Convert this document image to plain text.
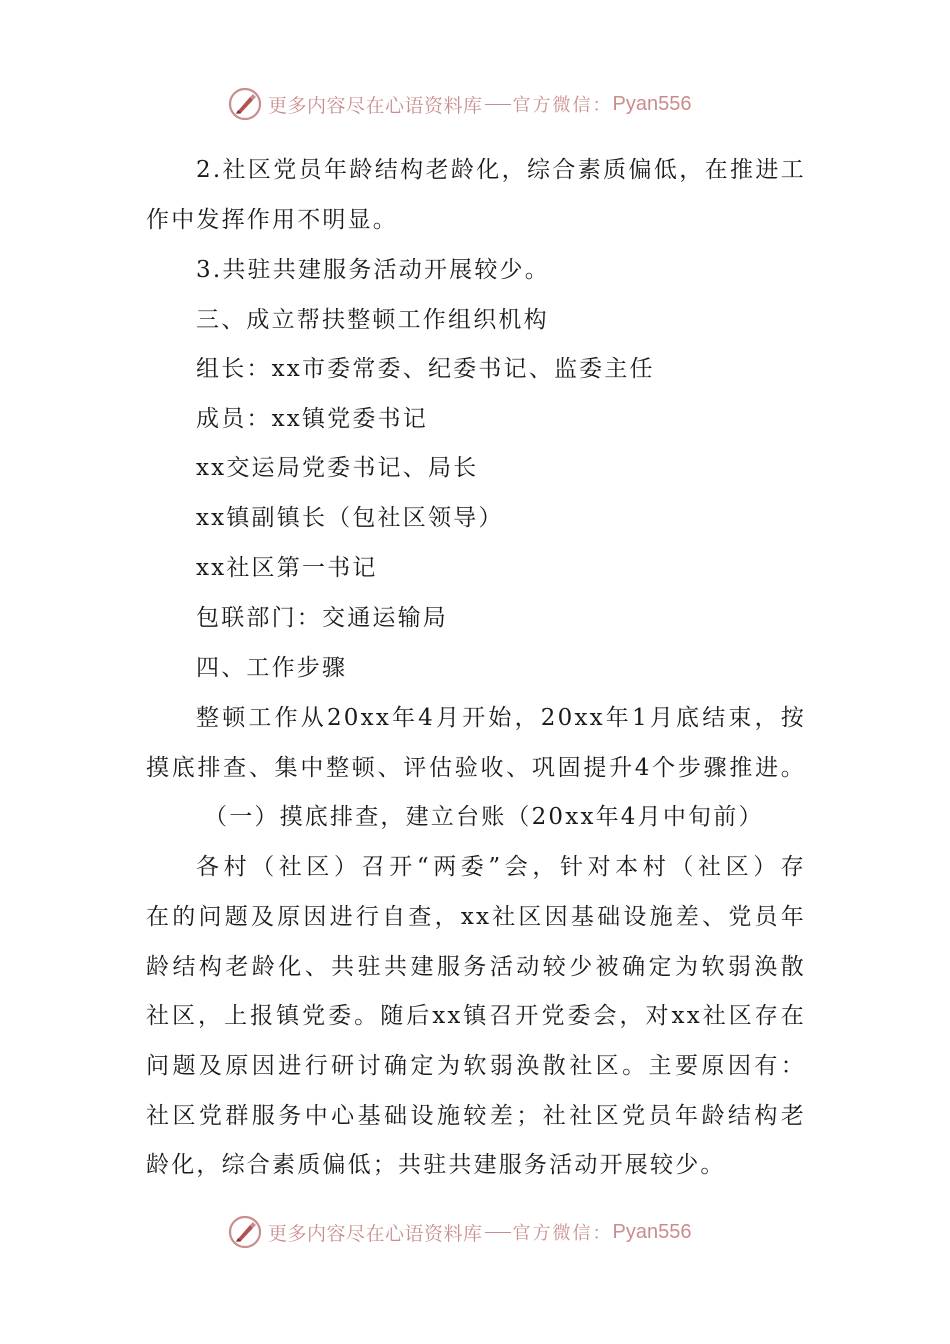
更多内容尽在心语资料库 官方微信： Pyan556
2.社区党员年龄结构老龄化，综合素质偏低，在推进工
作中发挥作用不明显。
3.共驻共建服务活动开展较少。
三、成立帮扶整顿工作组织机构
组长：xx市委常委、纪委书记、监委主任
成员：xx镇党委书记
xx交运局党委书记、局长
xx镇副镇长（包社区领导）
xx社区第一书记
包联部门：交通运输局
四、工作步骤
整顿工作从20xx年4月开始，20xx年1月底结束，按
摸底排查、集中整顿、评估验收、巩固提升4个步骤推进。
（一）摸底排查，建立台账（20xx年4月中旬前）
各村（社区）召开“两委”会，针对本村（社区）存
在的问题及原因进行自查，xx社区因基础设施差、党员年
龄结构老龄化、共驻共建服务活动较少被确定为软弱涣散
社区，上报镇党委。随后xx镇召开党委会，对xx社区存在
问题及原因进行研讨确定为软弱涣散社区。主要原因有：
社区党群服务中心基础设施较差；社社区党员年龄结构老
龄化，综合素质偏低；共驻共建服务活动开展较少。
更多内容尽在心语资料库 官方微信： Pyan556
